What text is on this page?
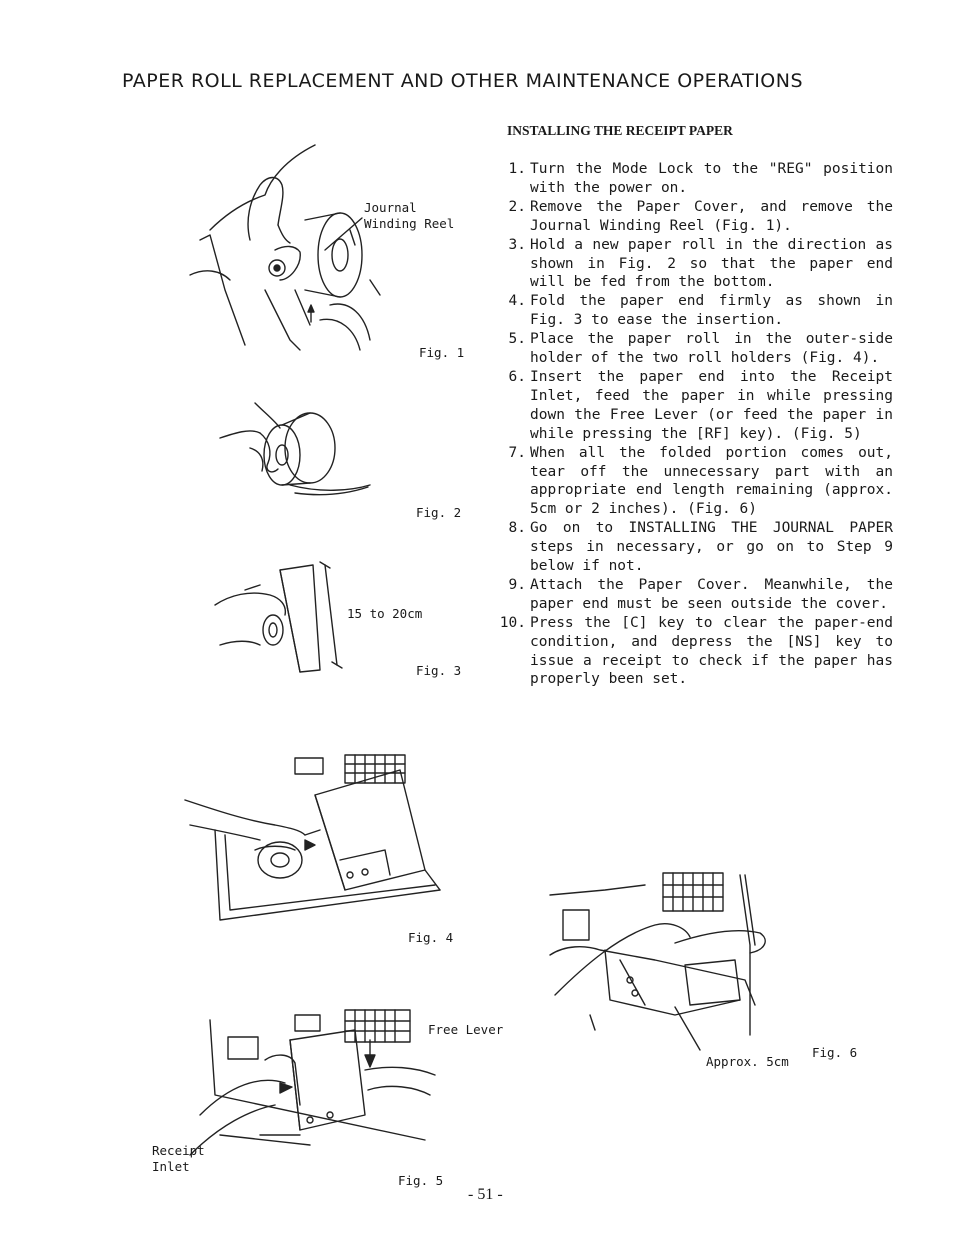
PAPER ROLL REPLACEMENT AND OTHER MAINTENANCE OPERATIONS
INSTALLING THE RECEIPT PAPER
1. Turn the Mode Lock to the "REG" position with the power on.
2. Remove the Paper Cover, and remove the Journal Winding Reel (Fig. 1).
3. Hold a new paper roll in the direction as shown in Fig. 2 so that the paper end will be fed from the bottom.
4. Fold the paper end firmly as shown in Fig. 3 to ease the insertion.
5. Place the paper roll in the outer-side holder of the two roll holders (Fig. 4).
6. Insert the paper end into the Receipt Inlet, feed the paper in while pressing down the Free Lever (or feed the paper in while pressing the [RF] key). (Fig. 5)
7. When all the folded portion comes out, tear off the unnecessary part with an appropriate end length remaining (approx. 5cm or 2 inches). (Fig. 6)
8. Go on to INSTALLING THE JOURNAL PAPER steps in necessary, or go on to Step 9 below if not.
9. Attach the Paper Cover. Meanwhile, the paper end must be seen outside the cover.
10. Press the [C] key to clear the paper-end condition, and depress the [NS] key to issue a receipt to check if the paper has properly been set.
Journal
Winding Reel
Fig. 1
Fig. 2
15 to 20cm
Fig. 3
Fig. 4
Free Lever
Receipt
Inlet
Fig. 5
Approx. 5cm
Fig. 6
- 51 -
